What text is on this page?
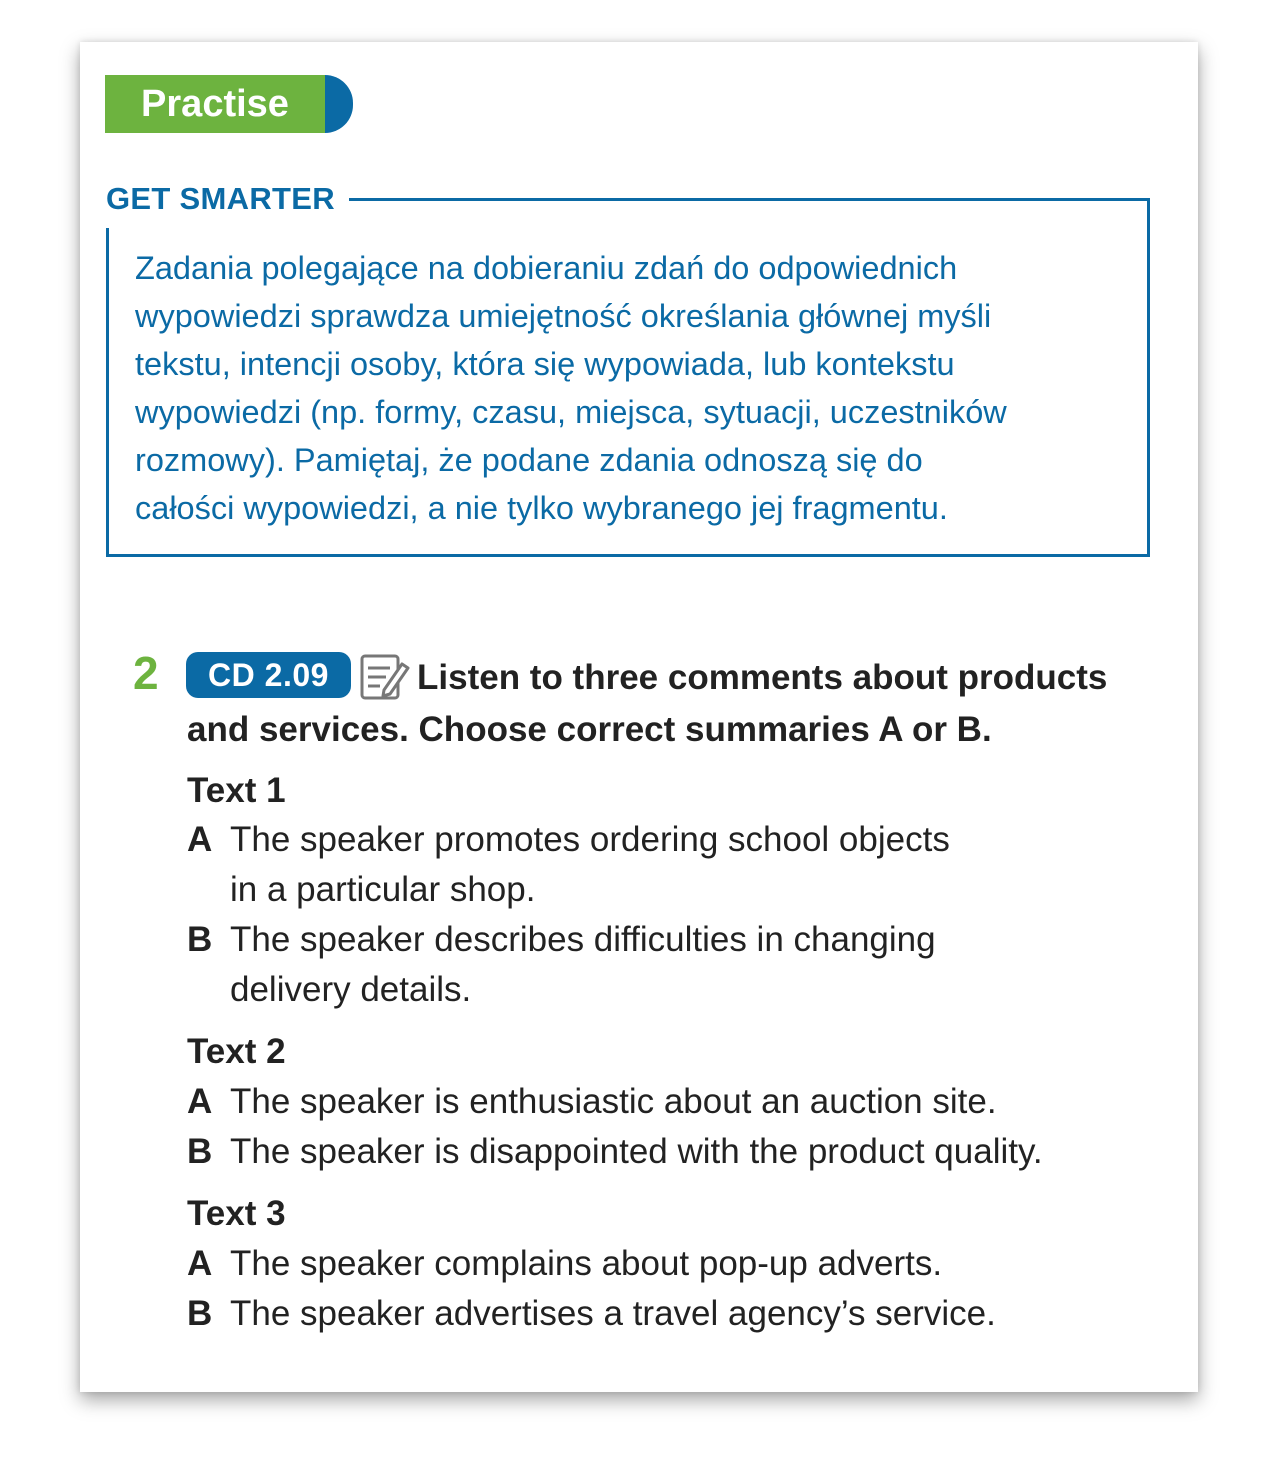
Practise
GET SMARTER
Zadania polegające na dobieraniu zdań do odpowiednich
wypowiedzi sprawdza umiejętność określania głównej myśli
tekstu, intencji osoby, która się wypowiada, lub kontekstu
wypowiedzi (np. formy, czasu, miejsca, sytuacji, uczestników
rozmowy). Pamiętaj, że podane zdania odnoszą się do
całości wypowiedzi, a nie tylko wybranego jej fragmentu.
2	CD 2.09	Listen to three comments about products
and services. Choose correct summaries A or B.
Text 1
A The speaker promotes ordering school objects
in a particular shop.
B The speaker describes difficulties in changing
delivery details.
Text 2
A The speaker is enthusiastic about an auction site.
B The speaker is disappointed with the product quality.
Text 3
A The speaker complains about pop-up adverts.
B The speaker advertises a travel agency’s service.
